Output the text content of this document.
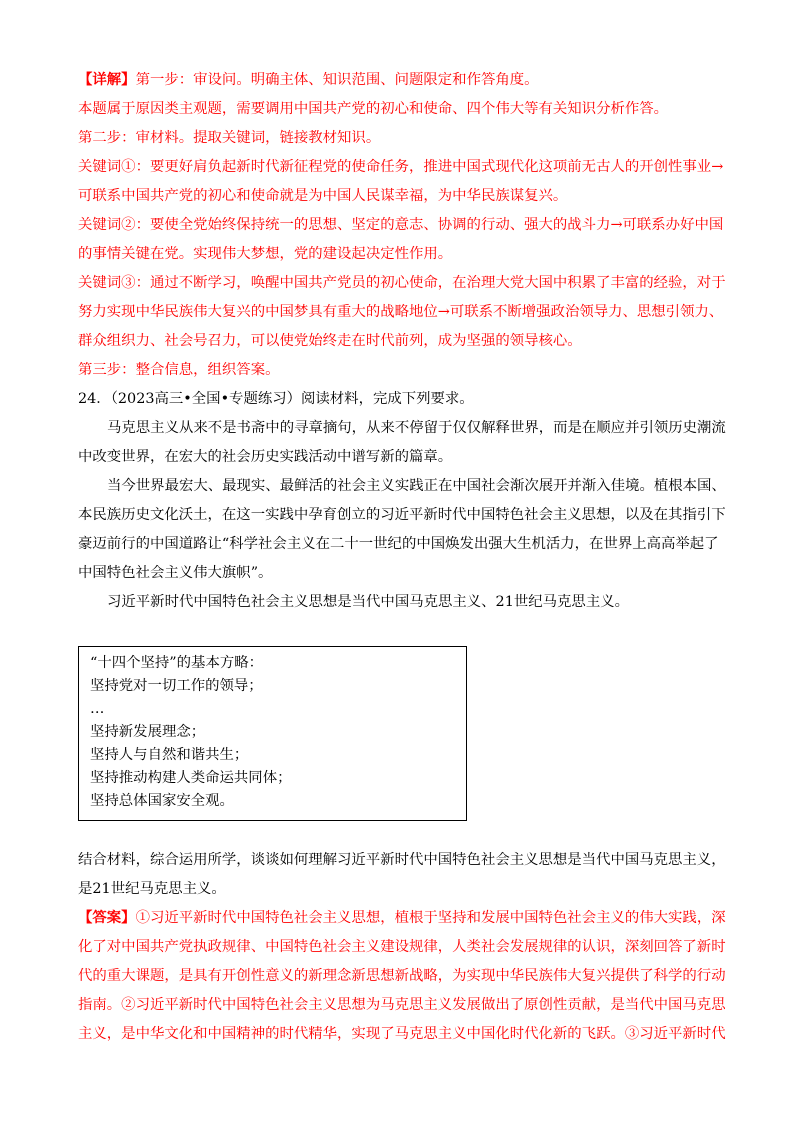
【详解】第一步：审设问。明确主体、知识范围、问题限定和作答角度。

本题属于原因类主观题，需要调用中国共产党的初心和使命、四个伟大等有关知识分析作答。

第二步：审材料。提取关键词，链接教材知识。

关键词①：要更好肩负起新时代新征程党的使命任务，推进中国式现代化这项前无古人的开创性事业→

可联系中国共产党的初心和使命就是为中国人民谋幸福，为中华民族谋复兴。

关键词②：要使全党始终保持统一的思想、坚定的意志、协调的行动、强大的战斗力→可联系办好中国

的事情关键在党。实现伟大梦想，党的建设起决定性作用。

关键词③：通过不断学习，唤醒中国共产党员的初心使命，在治理大党大国中积累了丰富的经验，对于

努力实现中华民族伟大复兴的中国梦具有重大的战略地位→可联系不断增强政治领导力、思想引领力、

群众组织力、社会号召力，可以使党始终走在时代前列，成为坚强的领导核心。

第三步：整合信息，组织答案。

24．（2023高三•全国•专题练习）阅读材料，完成下列要求。

马克思主义从来不是书斋中的寻章摘句，从来不停留于仅仅解释世界，而是在顺应并引领历史潮流

中改变世界，在宏大的社会历史实践活动中谱写新的篇章。

当今世界最宏大、最现实、最鲜活的社会主义实践正在中国社会渐次展开并渐入佳境。植根本国、

本民族历史文化沃土，在这一实践中孕育创立的习近平新时代中国特色社会主义思想，以及在其指引下

豪迈前行的中国道路让“科学社会主义在二十一世纪的中国焕发出强大生机活力，在世界上高高举起了

中国特色社会主义伟大旗帜”。

习近平新时代中国特色社会主义思想是当代中国马克思主义、21世纪马克思主义。

“十四个坚持”的基本方略：

坚持党对一切工作的领导；

…

坚持新发展理念；

坚持人与自然和谐共生；

坚持推动构建人类命运共同体；

坚持总体国家安全观。

结合材料，综合运用所学，谈谈如何理解习近平新时代中国特色社会主义思想是当代中国马克思主义，

是21世纪马克思主义。

【答案】①习近平新时代中国特色社会主义思想，植根于坚持和发展中国特色社会主义的伟大实践，深

化了对中国共产党执政规律、中国特色社会主义建设规律，人类社会发展规律的认识，深刻回答了新时

代的重大课题，是具有开创性意义的新理念新思想新战略，为实现中华民族伟大复兴提供了科学的行动

指南。②习近平新时代中国特色社会主义思想为马克思主义发展做出了原创性贡献，是当代中国马克思

主义，是中华文化和中国精神的时代精华，实现了马克思主义中国化时代化新的飞跃。③习近平新时代
